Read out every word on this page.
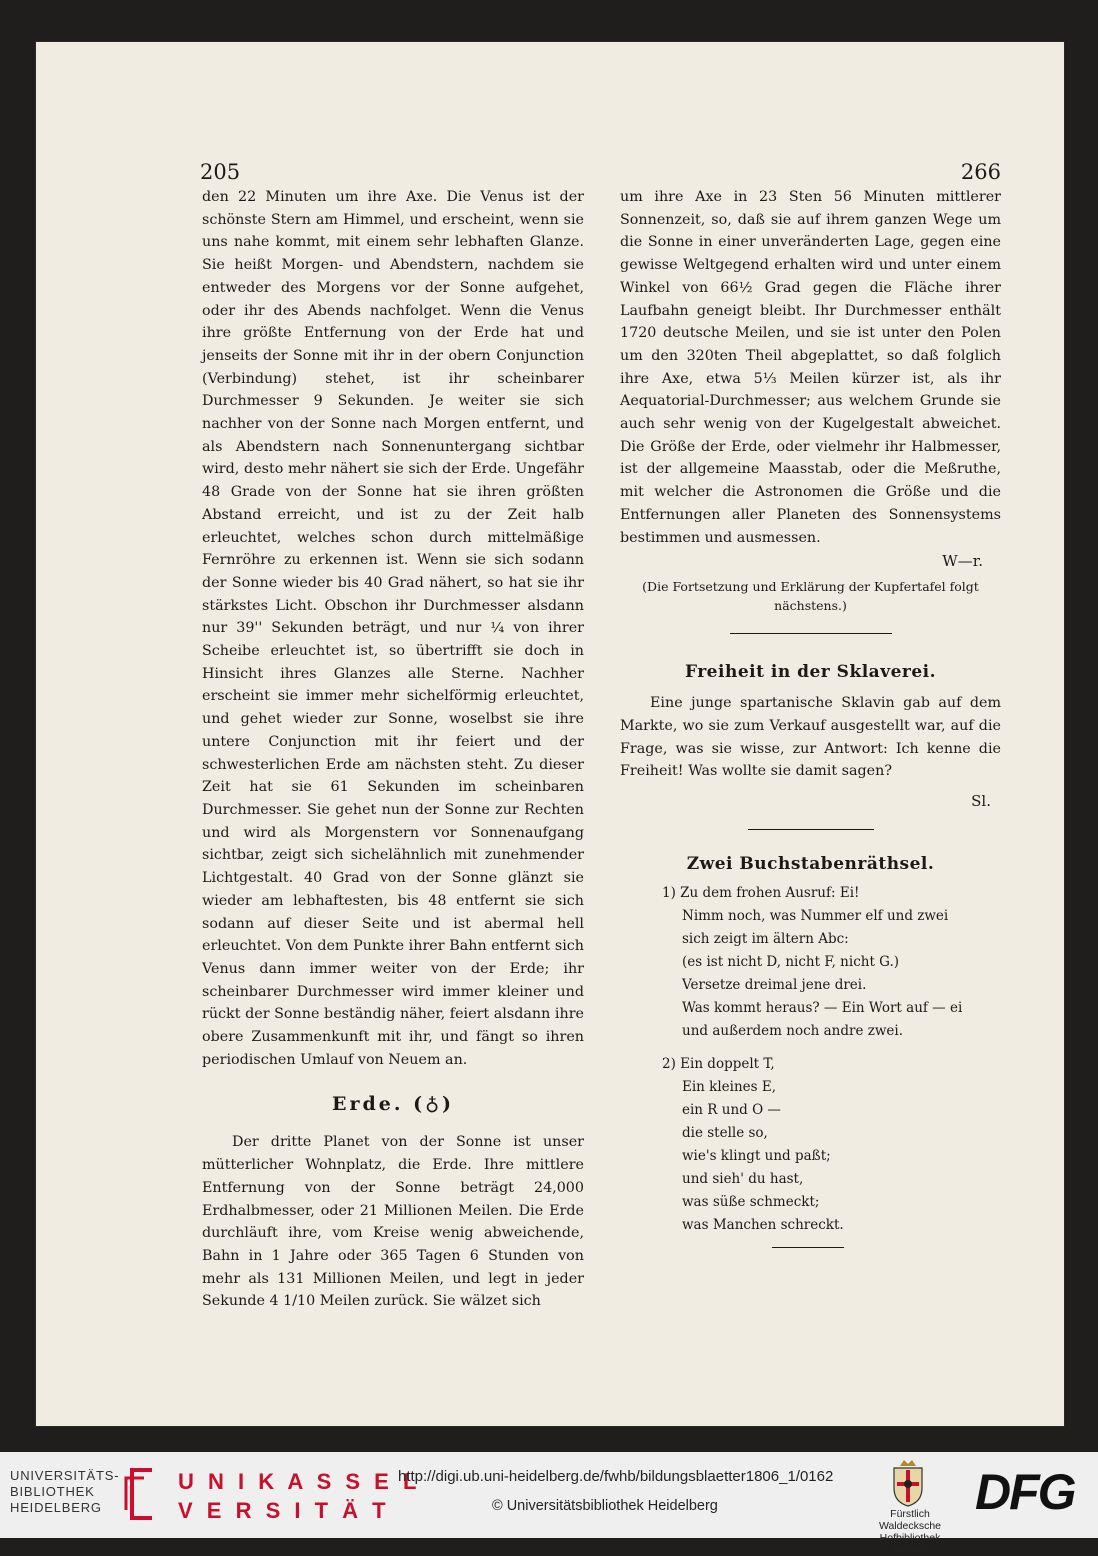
205	266

den 22 Minuten um ihre Axe. Die Venus ist der schönste Stern am Himmel, und erscheint, wenn sie uns nahe kommt, mit einem sehr lebhaften Glanze. Sie heißt Morgen- und Abendstern, nachdem sie entweder des Morgens vor der Sonne aufgehet, oder ihr des Abends nachfolget. Wenn die Venus ihre größte Entfernung von der Erde hat und jenseits der Sonne mit ihr in der obern Conjunction (Verbindung) stehet, ist ihr scheinbarer Durchmesser 9 Sekunden. Je weiter sie sich nachher von der Sonne nach Morgen entfernt, und als Abendstern nach Sonnenuntergang sichtbar wird, desto mehr nähert sie sich der Erde. Ungefähr 48 Grade von der Sonne hat sie ihren größten Abstand erreicht, und ist zu der Zeit halb erleuchtet, welches schon durch mittelmäßige Fernröhre zu erkennen ist. Wenn sie sich sodann der Sonne wieder bis 40 Grad nähert, so hat sie ihr stärkstes Licht. Obschon ihr Durchmesser alsdann nur 39'' Sekunden beträgt, und nur ¼ von ihrer Scheibe erleuchtet ist, so übertrifft sie doch in Hinsicht ihres Glanzes alle Sterne. Nachher erscheint sie immer mehr sichelförmig erleuchtet, und gehet wieder zur Sonne, woselbst sie ihre untere Conjunction mit ihr feiert und der schwesterlichen Erde am nächsten steht. Zu dieser Zeit hat sie 61 Sekunden im scheinbaren Durchmesser. Sie gehet nun der Sonne zur Rechten und wird als Morgenstern vor Sonnenaufgang sichtbar, zeigt sich sichelähnlich mit zunehmender Lichtgestalt. 40 Grad von der Sonne glänzt sie wieder am lebhaftesten, bis 48 entfernt sie sich sodann auf dieser Seite und ist abermal hell erleuchtet. Von dem Punkte ihrer Bahn entfernt sich Venus dann immer weiter von der Erde; ihr scheinbarer Durchmesser wird immer kleiner und rückt der Sonne beständig näher, feiert alsdann ihre obere Zusammenkunft mit ihr, und fängt so ihren periodischen Umlauf von Neuem an.

Erde. (♁)

Der dritte Planet von der Sonne ist unser mütterlicher Wohnplatz, die Erde. Ihre mittlere Entfernung von der Sonne beträgt 24,000 Erdhalbmesser, oder 21 Millionen Meilen. Die Erde durchläuft ihre, vom Kreise wenig abweichende, Bahn in 1 Jahre oder 365 Tagen 6 Stunden von mehr als 131 Millionen Meilen, und legt in jeder Sekunde 4 1/10 Meilen zurück. Sie wälzet sich

um ihre Axe in 23 Sten 56 Minuten mittlerer Sonnenzeit, so, daß sie auf ihrem ganzen Wege um die Sonne in einer unveränderten Lage, gegen eine gewisse Weltgegend erhalten wird und unter einem Winkel von 66½ Grad gegen die Fläche ihrer Laufbahn geneigt bleibt. Ihr Durchmesser enthält 1720 deutsche Meilen, und sie ist unter den Polen um den 320ten Theil abgeplattet, so daß folglich ihre Axe, etwa 5⅓ Meilen kürzer ist, als ihr Aequatorial-Durchmesser; aus welchem Grunde sie auch sehr wenig von der Kugelgestalt abweichet. Die Größe der Erde, oder vielmehr ihr Halbmesser, ist der allgemeine Maasstab, oder die Meßruthe, mit welcher die Astronomen die Größe und die Entfernungen aller Planeten des Sonnensystems bestimmen und ausmessen.

W—r.
(Die Fortsetzung und Erklärung der Kupfertafel folgt nächstens.)
Freiheit in der Sklaverei.

Eine junge spartanische Sklavin gab auf dem Markte, wo sie zum Verkauf ausgestellt war, auf die Frage, was sie wisse, zur Antwort: Ich kenne die Freiheit! Was wollte sie damit sagen?

Sl.
Zwei Buchstabenräthsel.
1) Zu dem frohen Ausruf: Ei!
Nimm noch, was Nummer elf und zwei
sich zeigt im ältern Abc:
(es ist nicht D, nicht F, nicht G.)
Versetze dreimal jene drei.
Was kommt heraus? — Ein Wort auf — ei
und außerdem noch andre zwei.
2) Ein doppelt T,
Ein kleines E,
ein R und O —
die stelle so,
wie's klingt und paßt;
und sieh' du hast,
was süße schmeckt;
was Manchen schreckt.
UNIVERSITÄTS-
BIBLIOTHEK
HEIDELBERG
U N I K A S S E L
V E R S I T Ä T
http://digi.ub.uni-heidelberg.de/fwhb/bildungsblaetter1806_1/0162
© Universitätsbibliothek Heidelberg	Fürstlich Waldecksche
Hofbibliothek Arolsen
DFG
